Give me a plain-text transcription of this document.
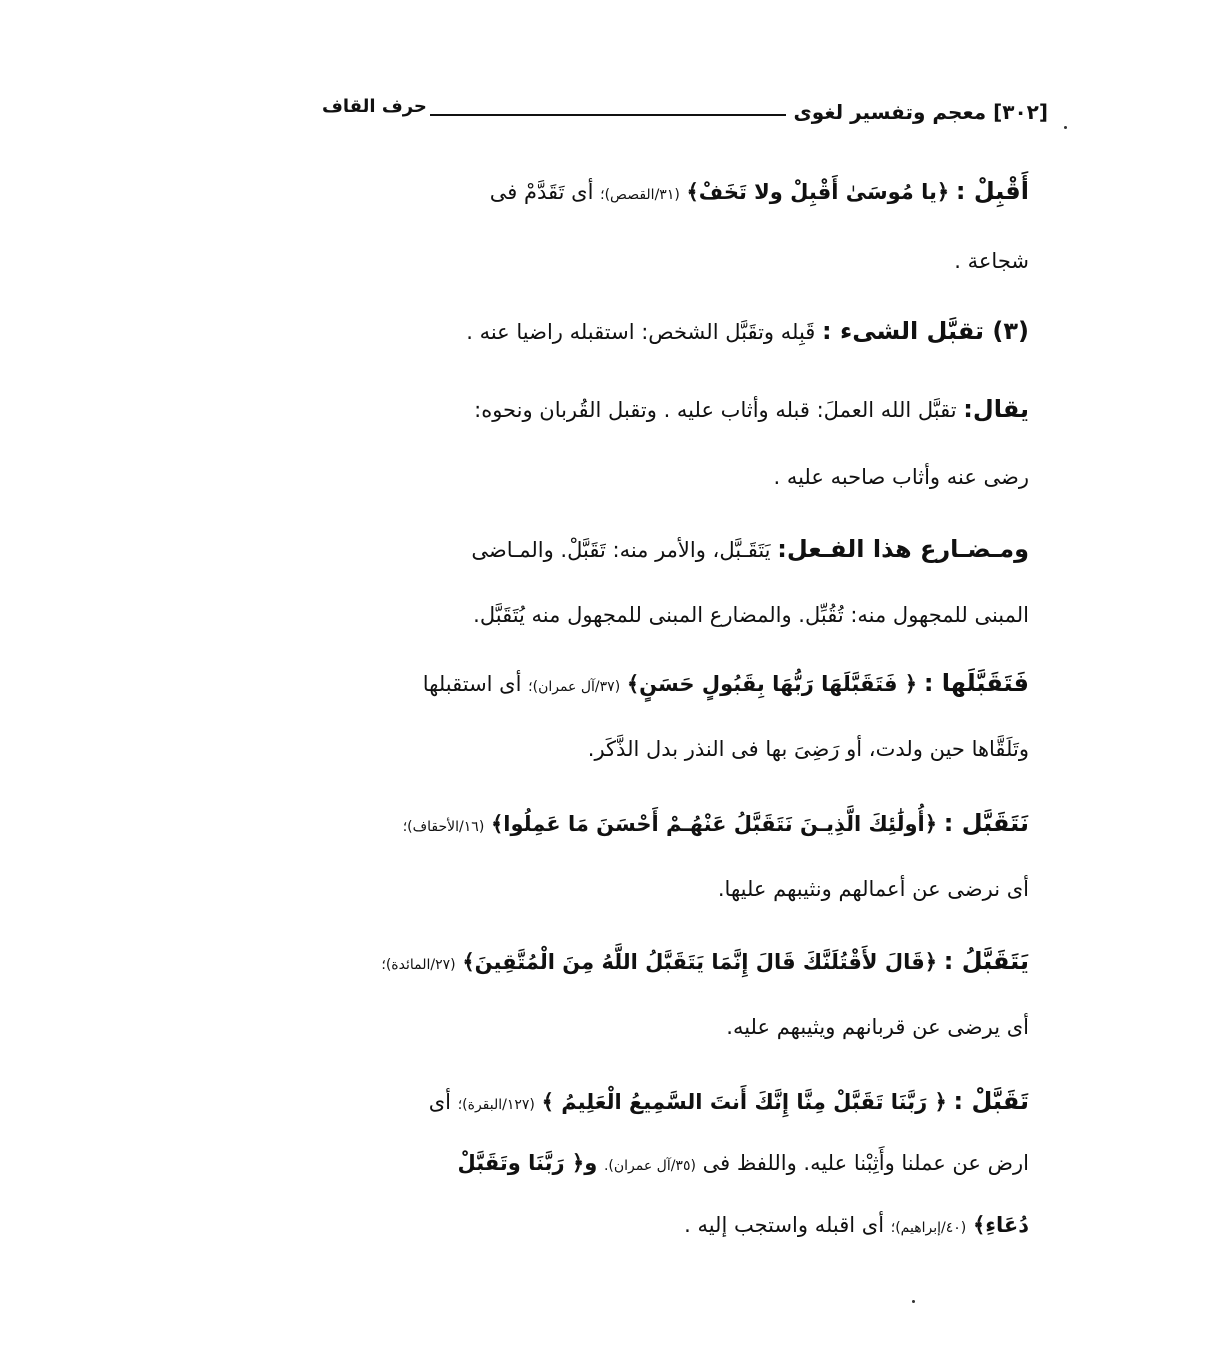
[٣٠٢] معجم وتفسير لغوى
حرف القاف
أَقْبِلْ : ﴿يا مُوسَىٰ أَقْبِلْ ولا تَخَفْ﴾ (٣١/القصص)؛ أى تَقَدَّمْ فى
شجاعة .
(٣) تقبَّل الشىء : قَبِله وتقَبَّل الشخص: استقبله راضيا عنه .
يقال: تقبَّل الله العملَ: قبله وأثاب عليه . وتقبل القُربان ونحوه:
رضى عنه وأثاب صاحبه عليه .
ومـضـارع هذا الفـعل: يَتَقَـبَّل، والأمر منه: تَقَبَّلْ. والمـاضى
المبنى للمجهول منه: تُقُبِّل. والمضارع المبنى للمجهول منه يُتَقَبَّل.
فَتَقَبَّلَها : ﴿ فَتَقَبَّلَهَا رَبُّهَا بِقَبُولٍ حَسَنٍ﴾ (٣٧/آل عمران)؛ أى استقبلها
وتَلَقَّاها حين ولدت، أو رَضِىَ بها فى النذر بدل الذَّكَر.
نَتَقَبَّل : ﴿أُولَٰئِكَ الَّذِيـنَ نَتَقَبَّلُ عَنْهُـمْ أَحْسَنَ مَا عَمِلُوا﴾ (١٦/الأحقاف)؛
أى نرضى عن أعمالهم ونثيبهم عليها.
يَتَقَبَّلُ : ﴿قَالَ لأَقْتُلَنَّكَ قَالَ إِنَّمَا يَتَقَبَّلُ اللَّهُ مِنَ الْمُتَّقِينَ﴾ (٢٧/المائدة)؛
أى يرضى عن قربانهم ويثيبهم عليه.
تَقَبَّلْ : ﴿ رَبَّنَا تَقَبَّلْ مِنَّا إِنَّكَ أَنتَ السَّمِيعُ الْعَلِيمُ ﴾ (١٢٧/البقرة)؛ أى
ارض عن عملنا وأَثِبْنا عليه. واللفظ فى (٣٥/آل عمران). و﴿ رَبَّنَا وتَقَبَّلْ
دُعَاءِ﴾ (٤٠/إبراهيم)؛ أى اقبله واستجب إليه .
